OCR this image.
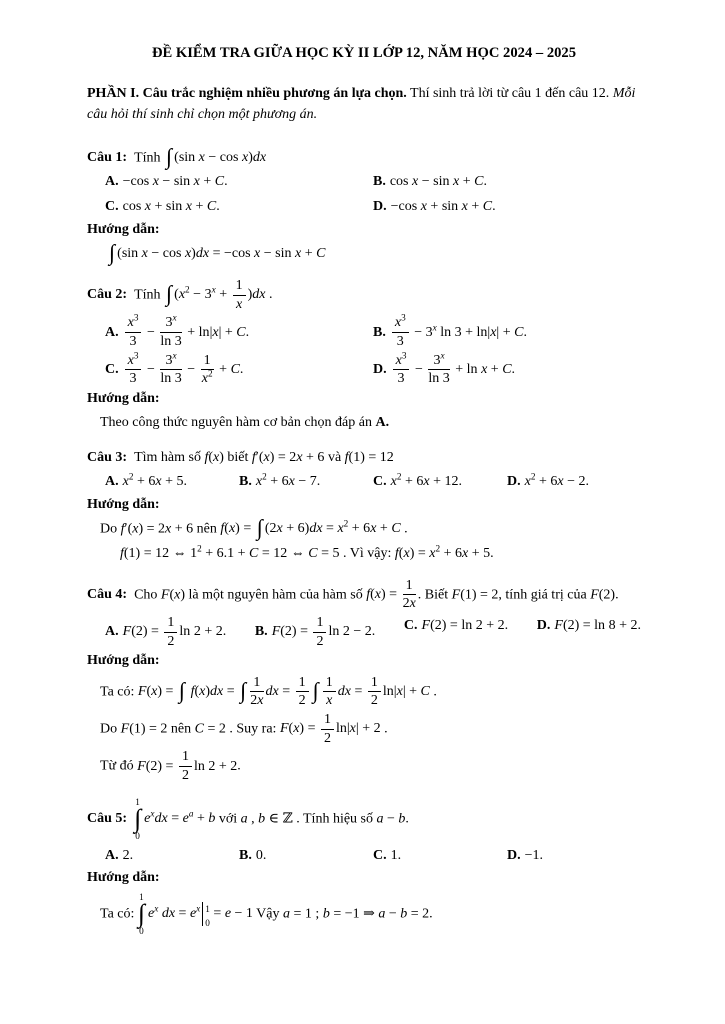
ĐỀ KIỂM TRA GIỮA HỌC KỲ II LỚP 12, NĂM HỌC 2024 – 2025

PHẦN I. Câu trắc nghiệm nhiều phương án lựa chọn. Thí sinh trả lời từ câu 1 đến câu 12. Mỗi câu hỏi thí sinh chỉ chọn một phương án.

Câu 1: Tính ∫ (sin x − cos x)dx
A. −cos x − sin x + C.	B. cos x − sin x + C.
C. cos x + sin x + C.	D. −cos x + sin x + C.
Hướng dẫn:
∫ (sin x − cos x)dx = −cos x − sin x + C
Câu 2: Tính ∫ $(x^2 - 3^x + \frac{1}{x} )dx$ .
A. $\frac{x^3}{3} - \frac{3^x}{\ln 3} + \ln|x| + C$.	B. $\frac{x^3}{3} - 3^x$ ln 3 + ln|x| + C.
C. $\frac{x^3}{3} - \frac{3^x}{\ln 3} - \frac{1}{x^2} + C$.	D. $\frac{x^3}{3} - \frac{3^x}{\ln 3} + \ln x + C$.
Hướng dẫn:
Theo công thức nguyên hàm cơ bản chọn đáp án A.
Câu 3: Tìm hàm số f(x) biết f′(x) = 2x + 6 và f(1) = 12
A. $x^2 + 6x + 5$.	B. $x^2 + 6x - 7$.	C. $x^2 + 6x + 12$.	D. $x^2 + 6x - 2$.
Hướng dẫn:
Do f′(x) = 2x + 6 nên f(x) = ∫ $(2x + 6)dx = x^2 + 6x + C$ .
f(1) = 12 ⇔ $1^2 + 6.1 + C = 12$ ⇔ C = 5 . Vì vậy: $f(x) = x^2 + 6x + 5$.
Câu 4: Cho F(x) là một nguyên hàm của hàm số $f(x) = \frac{1}{2x}$ . Biết F(1) = 2, tính giá trị của F(2).
A. $F(2) = \frac{1}{2}$ ln 2 + 2. B. $F(2) = \frac{1}{2}$ ln 2 − 2. C. F(2) = ln 2 + 2. D. F(2) = ln 8 + 2.
Hướng dẫn:
Ta có: F(x) = ∫ f(x)dx = ∫ $\frac{1}{2x}$ dx = $\frac{1}{2}$ ∫ $\frac{1}{x}$ dx = $\frac{1}{2} \ln|x| + C$ .
Do F(1) = 2 nên C = 2 . Suy ra: $F(x) = \frac{1}{2} \ln|x| + 2$ .
Từ đó $F(2) = \frac{1}{2}$ ln 2 + 2.
Câu 5:
1
∫
0
$e^xdx = e^a + b$ với a , b ∈ ℤ . Tính hiệu số a − b.
A. 2.	B. 0.	C. 1.	D. −1.
Hướng dẫn:
Ta có:
1
∫
0
$e^x$ dx = $e^x$ 1
0
= e − 1 Vậy a = 1 ; b = −1 ⇒ a − b = 2.
